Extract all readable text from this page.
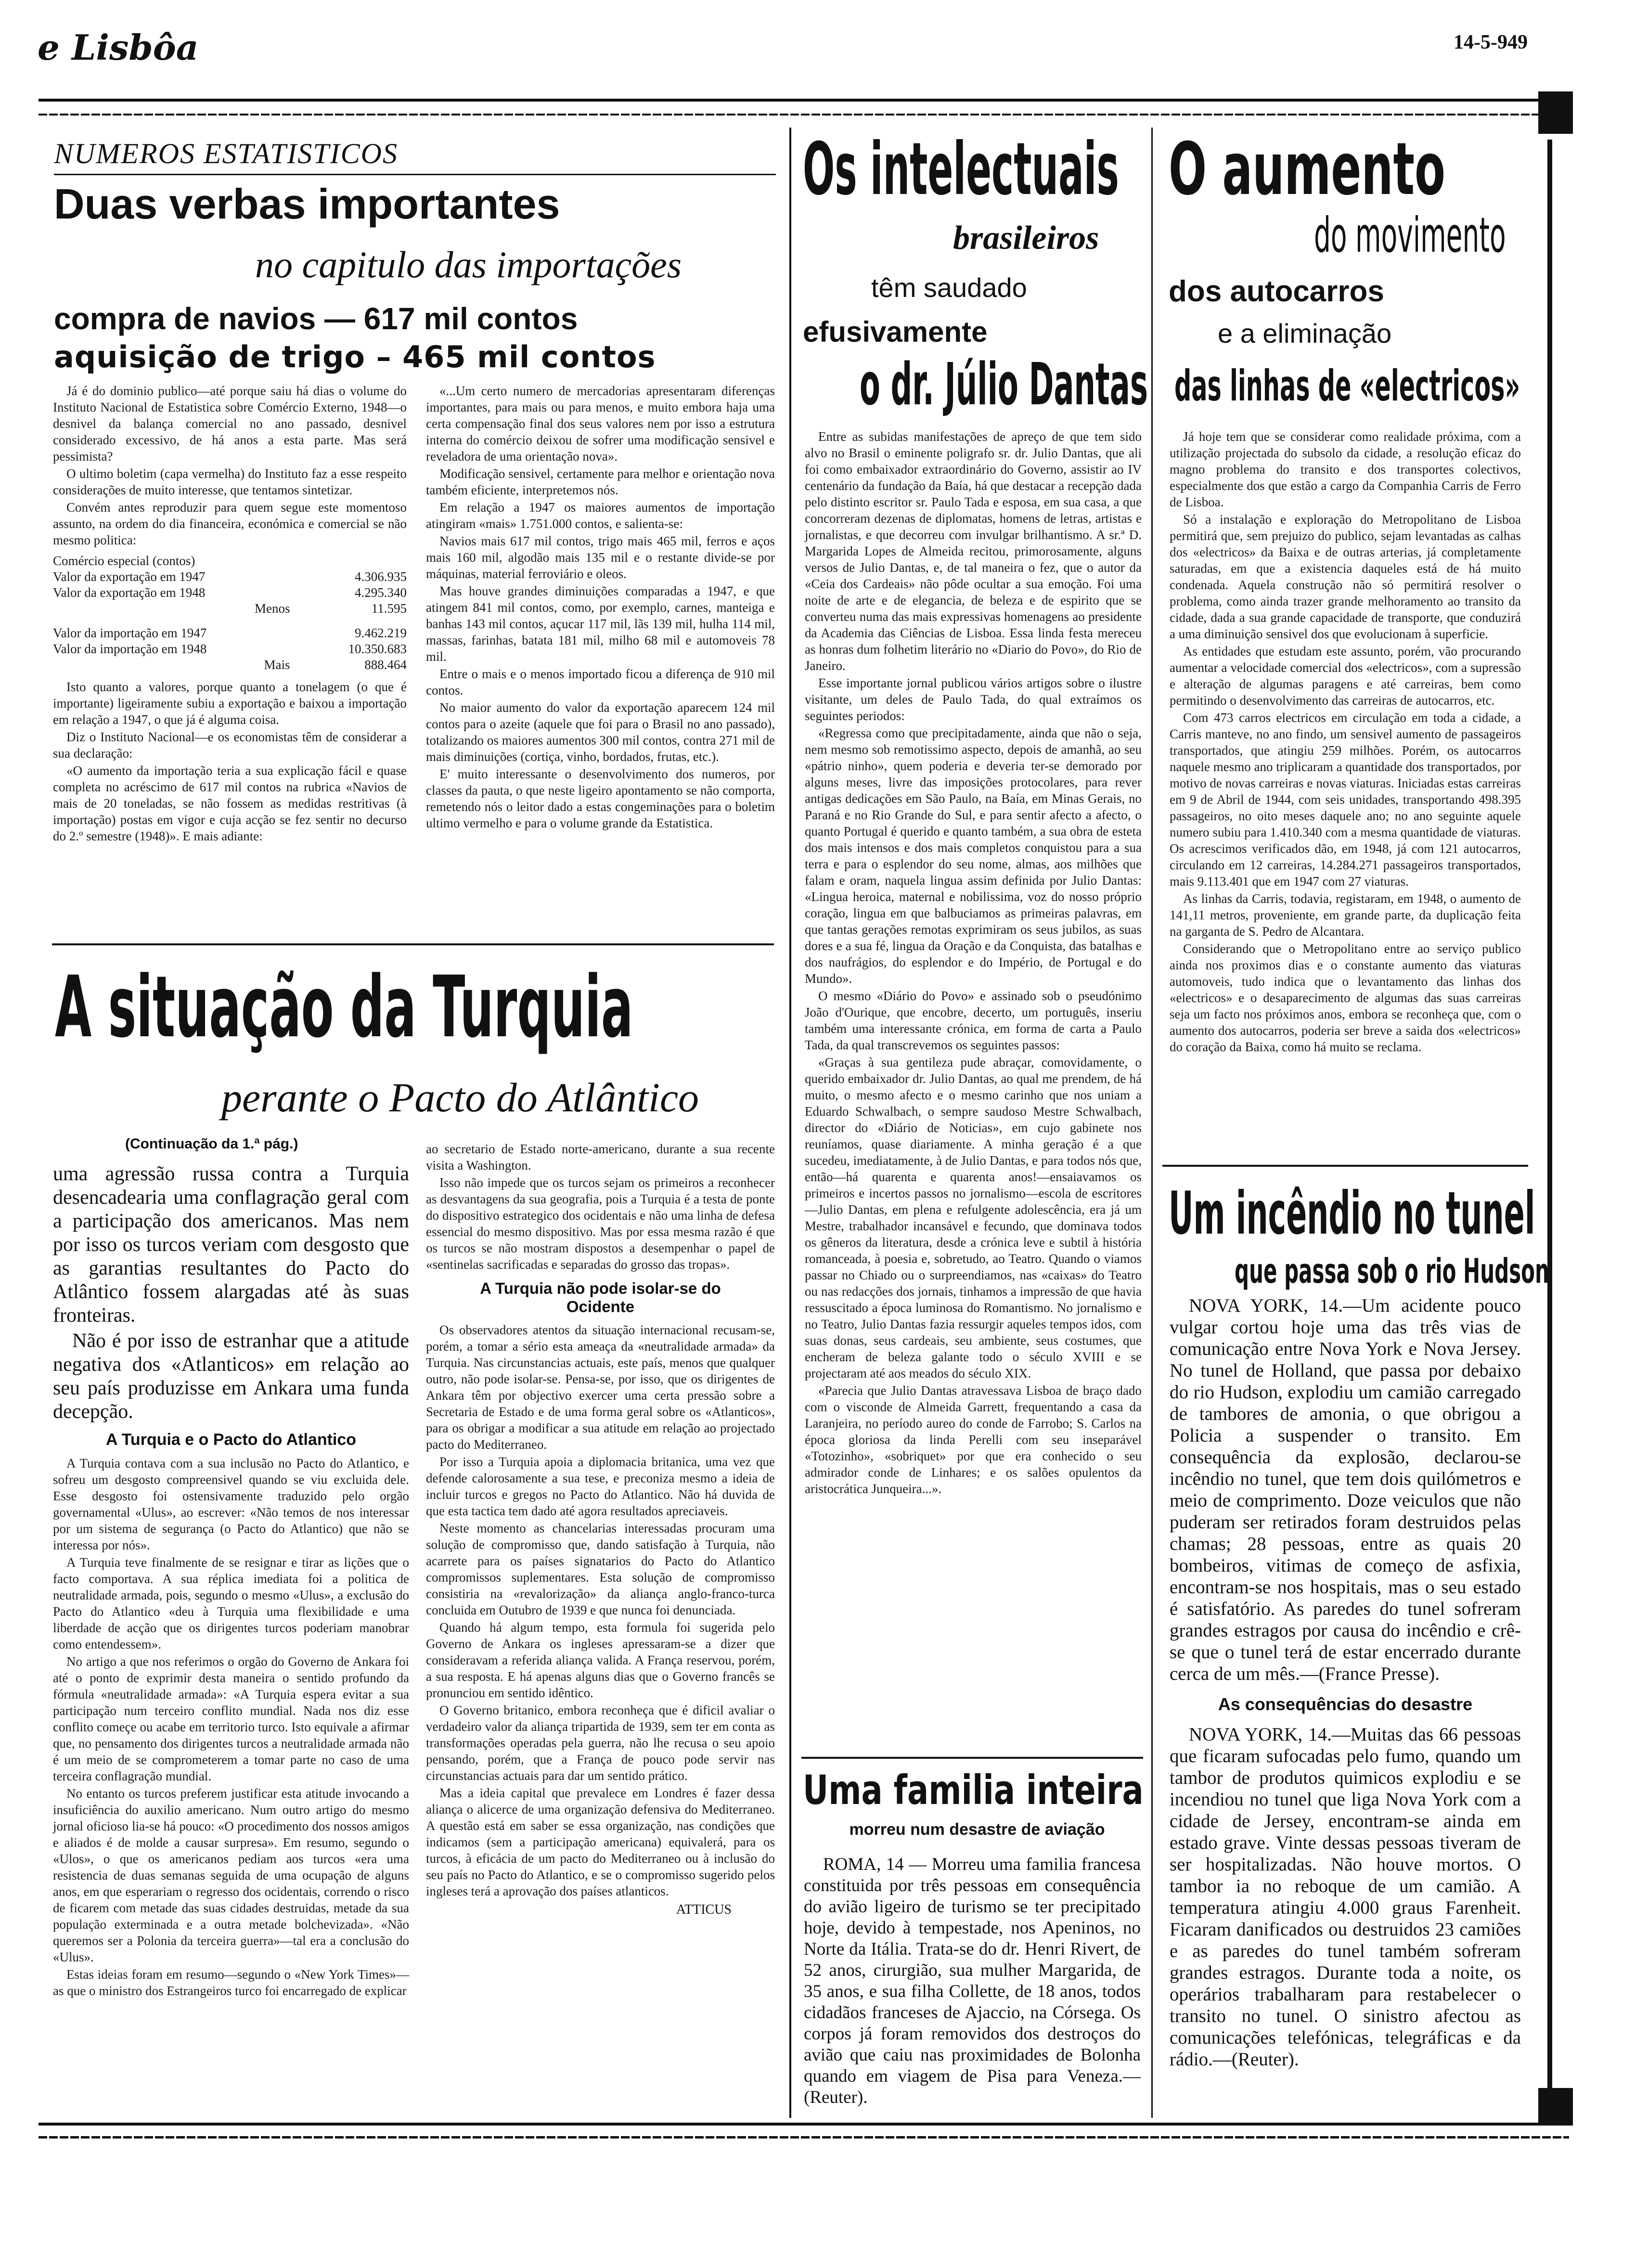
e Lisbôa	14-5-949
NUMEROS ESTATISTICOS
Duas verbas importantes
no capitulo das importações
compra de navios — 617 mil contos
aquisição de trigo – 465 mil contos

Já é do dominio publico—até porque saiu há dias o volume do Instituto Nacional de Estatistica sobre Comércio Externo, 1948—o desnivel da balança comercial no ano passado, desnivel considerado excessivo, de há anos a esta parte. Mas será pessimista?

O ultimo boletim (capa vermelha) do Instituto faz a esse respeito considerações de muito interesse, que tentamos sintetizar.

Convém antes reproduzir para quem segue este momentoso assunto, na ordem do dia financeira, económica e comercial se não mesmo politica:

Comércio especial (contos)	
Valor da exportação em 1947	4.306.935
Valor da exportação em 1948	4.295.340
Menos	11.595
Valor da importação em 1947	9.462.219
Valor da importação em 1948	10.350.683
Mais	888.464

Isto quanto a valores, porque quanto a tonelagem (o que é importante) ligeiramente subiu a exportação e baixou a importação em relação a 1947, o que já é alguma coisa.

Diz o Instituto Nacional—e os economistas têm de considerar a sua declaração:

«O aumento da importação teria a sua explicação fácil e quase completa no acréscimo de 617 mil contos na rubrica «Navios de mais de 20 toneladas, se não fossem as medidas restritivas (à importação) postas em vigor e cuja acção se fez sentir no decurso do 2.º semestre (1948)». E mais adiante:

«...Um certo numero de mercadorias apresentaram diferenças importantes, para mais ou para menos, e muito embora haja uma certa compensação final dos seus valores nem por isso a estrutura interna do comércio deixou de sofrer uma modificação sensivel e reveladora de uma orientação nova».

Modificação sensivel, certamente para melhor e orientação nova também eficiente, interpretemos nós.

Em relação a 1947 os maiores aumentos de importação atingiram «mais» 1.751.000 contos, e salienta-se:

Navios mais 617 mil contos, trigo mais 465 mil, ferros e aços mais 160 mil, algodão mais 135 mil e o restante divide-se por máquinas, material ferroviário e oleos.

Mas houve grandes diminuições comparadas a 1947, e que atingem 841 mil contos, como, por exemplo, carnes, manteiga e banhas 143 mil contos, açucar 117 mil, lãs 139 mil, hulha 114 mil, massas, farinhas, batata 181 mil, milho 68 mil e automoveis 78 mil.

Entre o mais e o menos importado ficou a diferença de 910 mil contos.

No maior aumento do valor da exportação aparecem 124 mil contos para o azeite (aquele que foi para o Brasil no ano passado), totalizando os maiores aumentos 300 mil contos, contra 271 mil de mais diminuições (cortiça, vinho, bordados, frutas, etc.).

E' muito interessante o desenvolvimento dos numeros, por classes da pauta, o que neste ligeiro apontamento se não comporta, remetendo nós o leitor dado a estas congeminações para o boletim ultimo vermelho e para o volume grande da Estatistica.

A situação da Turquia
perante o Pacto do Atlântico
(Continuação da 1.ª pág.)

uma agressão russa contra a Turquia desencadearia uma conflagração geral com a participação dos americanos. Mas nem por isso os turcos veriam com desgosto que as garantias resultantes do Pacto do Atlântico fossem alargadas até às suas fronteiras.

Não é por isso de estranhar que a atitude negativa dos «Atlanticos» em relação ao seu país produzisse em Ankara uma funda decepção.

A Turquia e o Pacto do Atlantico

A Turquia contava com a sua inclusão no Pacto do Atlantico, e sofreu um desgosto compreensivel quando se viu excluida dele. Esse desgosto foi ostensivamente traduzido pelo orgão governamental «Ulus», ao escrever: «Não temos de nos interessar por um sistema de segurança (o Pacto do Atlantico) que não se interessa por nós».

A Turquia teve finalmente de se resignar e tirar as lições que o facto comportava. A sua réplica imediata foi a politica de neutralidade armada, pois, segundo o mesmo «Ulus», a exclusão do Pacto do Atlantico «deu à Turquia uma flexibilidade e uma liberdade de acção que os dirigentes turcos poderiam manobrar como entendessem».

No artigo a que nos referimos o orgão do Governo de Ankara foi até o ponto de exprimir desta maneira o sentido profundo da fórmula «neutralidade armada»: «A Turquia espera evitar a sua participação num terceiro conflito mundial. Nada nos diz esse conflito começe ou acabe em territorio turco. Isto equivale a afirmar que, no pensamento dos dirigentes turcos a neutralidade armada não é um meio de se comprometerem a tomar parte no caso de uma terceira conflagração mundial.

No entanto os turcos preferem justificar esta atitude invocando a insuficiência do auxilio americano. Num outro artigo do mesmo jornal oficioso lia-se há pouco: «O procedimento dos nossos amigos e aliados é de molde a causar surpresa». Em resumo, segundo o «Ulos», o que os americanos pediam aos turcos «era uma resistencia de duas semanas seguida de uma ocupação de alguns anos, em que esperariam o regresso dos ocidentais, correndo o risco de ficarem com metade das suas cidades destruidas, metade da sua população exterminada e a outra metade bolchevizada». «Não queremos ser a Polonia da terceira guerra»—tal era a conclusão do «Ulus».

Estas ideias foram em resumo—segundo o «New York Times»—as que o ministro dos Estrangeiros turco foi encarregado de explicar

ao secretario de Estado norte-americano, durante a sua recente visita a Washington.

Isso não impede que os turcos sejam os primeiros a reconhecer as desvantagens da sua geografia, pois a Turquia é a testa de ponte do dispositivo estrategico dos ocidentais e não uma linha de defesa essencial do mesmo dispositivo. Mas por essa mesma razão é que os turcos se não mostram dispostos a desempenhar o papel de «sentinelas sacrificadas e separadas do grosso das tropas».

A Turquia não pode isolar-se do Ocidente

Os observadores atentos da situação internacional recusam-se, porém, a tomar a sério esta ameaça da «neutralidade armada» da Turquia. Nas circunstancias actuais, este país, menos que qualquer outro, não pode isolar-se. Pensa-se, por isso, que os dirigentes de Ankara têm por objectivo exercer uma certa pressão sobre a Secretaria de Estado e de uma forma geral sobre os «Atlanticos», para os obrigar a modificar a sua atitude em relação ao projectado pacto do Mediterraneo.

Por isso a Turquia apoia a diplomacia britanica, uma vez que defende calorosamente a sua tese, e preconiza mesmo a ideia de incluir turcos e gregos no Pacto do Atlantico. Não há duvida de que esta tactica tem dado até agora resultados apreciaveis.

Neste momento as chancelarias interessadas procuram uma solução de compromisso que, dando satisfação à Turquia, não acarrete para os países signatarios do Pacto do Atlantico compromissos suplementares. Esta solução de compromisso consistiria na «revalorização» da aliança anglo-franco-turca concluida em Outubro de 1939 e que nunca foi denunciada.

Quando há algum tempo, esta formula foi sugerida pelo Governo de Ankara os ingleses apressaram-se a dizer que consideravam a referida aliança valida. A França reservou, porém, a sua resposta. E há apenas alguns dias que o Governo francês se pronunciou em sentido idêntico.

O Governo britanico, embora reconheça que é dificil avaliar o verdadeiro valor da aliança tripartida de 1939, sem ter em conta as transformações operadas pela guerra, não lhe recusa o seu apoio pensando, porém, que a França de pouco pode servir nas circunstancias actuais para dar um sentido prático.

Mas a ideia capital que prevalece em Londres é fazer dessa aliança o alicerce de uma organização defensiva do Mediterraneo. A questão está em saber se essa organização, nas condições que indicamos (sem a participação americana) equivalerá, para os turcos, à eficácia de um pacto do Mediterraneo ou à inclusão do seu país no Pacto do Atlantico, e se o compromisso sugerido pelos ingleses terá a aprovação dos países atlanticos.

ATTICUS
Os intelectuais
brasileiros
têm saudado
efusivamente
o dr. Júlio Dantas

Entre as subidas manifestações de apreço de que tem sido alvo no Brasil o eminente poligrafo sr. dr. Julio Dantas, que ali foi como embaixador extraordinário do Governo, assistir ao IV centenário da fundação da Baía, há que destacar a recepção dada pelo distinto escritor sr. Paulo Tada e esposa, em sua casa, a que concorreram dezenas de diplomatas, homens de letras, artistas e jornalistas, e que decorreu com invulgar brilhantismo. A sr.ª D. Margarida Lopes de Almeida recitou, primorosamente, alguns versos de Julio Dantas, e, de tal maneira o fez, que o autor da «Ceia dos Cardeais» não pôde ocultar a sua emoção. Foi uma noite de arte e de elegancia, de beleza e de espirito que se converteu numa das mais expressivas homenagens ao presidente da Academia das Ciências de Lisboa. Essa linda festa mereceu as honras dum folhetim literário no «Diario do Povo», do Rio de Janeiro.

Esse importante jornal publicou vários artigos sobre o ilustre visitante, um deles de Paulo Tada, do qual extraímos os seguintes periodos:

«Regressa como que precipitadamente, ainda que não o seja, nem mesmo sob remotissimo aspecto, depois de amanhã, ao seu «pátrio ninho», quem poderia e deveria ter-se demorado por alguns meses, livre das imposições protocolares, para rever antigas dedicações em São Paulo, na Baía, em Minas Gerais, no Paraná e no Rio Grande do Sul, e para sentir afecto a afecto, o quanto Portugal é querido e quanto também, a sua obra de esteta dos mais intensos e dos mais completos conquistou para a sua terra e para o esplendor do seu nome, almas, aos milhões que falam e oram, naquela lingua assim definida por Julio Dantas: «Lingua heroica, maternal e nobilissima, voz do nosso próprio coração, lingua em que balbuciamos as primeiras palavras, em que tantas gerações remotas exprimiram os seus jubilos, as suas dores e a sua fé, lingua da Oração e da Conquista, das batalhas e dos naufrágios, do esplendor e do Império, de Portugal e do Mundo».

O mesmo «Diário do Povo» e assinado sob o pseudónimo João d'Ourique, que encobre, decerto, um português, inseriu também uma interessante crónica, em forma de carta a Paulo Tada, da qual transcrevemos os seguintes passos:

«Graças à sua gentileza pude abraçar, comovidamente, o querido embaixador dr. Julio Dantas, ao qual me prendem, de há muito, o mesmo afecto e o mesmo carinho que nos uniam a Eduardo Schwalbach, o sempre saudoso Mestre Schwalbach, director do «Diário de Noticias», em cujo gabinete nos reuníamos, quase diariamente. A minha geração é a que sucedeu, imediatamente, à de Julio Dantas, e para todos nós que, então—há quarenta e quarenta anos!—ensaiavamos os primeiros e incertos passos no jornalismo—escola de escritores—Julio Dantas, em plena e refulgente adolescência, era já um Mestre, trabalhador incansável e fecundo, que dominava todos os gêneros da literatura, desde a crónica leve e subtil à história romanceada, à poesia e, sobretudo, ao Teatro. Quando o viamos passar no Chiado ou o surpreendiamos, nas «caixas» do Teatro ou nas redacções dos jornais, tinhamos a impressão de que havia ressuscitado a época luminosa do Romantismo. No jornalismo e no Teatro, Julio Dantas fazia ressurgir aqueles tempos idos, com suas donas, seus cardeais, seu ambiente, seus costumes, que encheram de beleza galante todo o século XVIII e se projectaram até aos meados do século XIX.

«Parecia que Julio Dantas atravessava Lisboa de braço dado com o visconde de Almeida Garrett, frequentando a casa da Laranjeira, no período aureo do conde de Farrobo; S. Carlos na época gloriosa da linda Perelli com seu inseparável «Totozinho», «sobriquet» por que era conhecido o seu admirador conde de Linhares; e os salões opulentos da aristocrática Junqueira...».

Uma familia inteira
morreu num desastre de aviação

ROMA, 14 — Morreu uma familia francesa constituida por três pessoas em consequência do avião ligeiro de turismo se ter precipitado hoje, devido à tempestade, nos Apeninos, no Norte da Itália. Trata-se do dr. Henri Rivert, de 52 anos, cirurgião, sua mulher Margarida, de 35 anos, e sua filha Collette, de 18 anos, todos cidadãos franceses de Ajaccio, na Córsega. Os corpos já foram removidos dos destroços do avião que caiu nas proximidades de Bolonha quando em viagem de Pisa para Veneza.—(Reuter).

O aumento
do movimento
dos autocarros
e a eliminação
das linhas de «electricos»

Já hoje tem que se considerar como realidade próxima, com a utilização projectada do subsolo da cidade, a resolução eficaz do magno problema do transito e dos transportes colectivos, especialmente dos que estão a cargo da Companhia Carris de Ferro de Lisboa.

Só a instalação e exploração do Metropolitano de Lisboa permitirá que, sem prejuizo do publico, sejam levantadas as calhas dos «electricos» da Baixa e de outras arterias, já completamente saturadas, em que a existencia daqueles está de há muito condenada. Aquela construção não só permitirá resolver o problema, como ainda trazer grande melhoramento ao transito da cidade, dada a sua grande capacidade de transporte, que conduzirá a uma diminuição sensivel dos que evolucionam à superficie.

As entidades que estudam este assunto, porém, vão procurando aumentar a velocidade comercial dos «electricos», com a supressão e alteração de algumas paragens e até carreiras, bem como permitindo o desenvolvimento das carreiras de autocarros, etc.

Com 473 carros electricos em circulação em toda a cidade, a Carris manteve, no ano findo, um sensivel aumento de passageiros transportados, que atingiu 259 milhões. Porém, os autocarros naquele mesmo ano triplicaram a quantidade dos transportados, por motivo de novas carreiras e novas viaturas. Iniciadas estas carreiras em 9 de Abril de 1944, com seis unidades, transportando 498.395 passageiros, no oito meses daquele ano; no ano seguinte aquele numero subiu para 1.410.340 com a mesma quantidade de viaturas. Os acrescimos verificados dão, em 1948, já com 121 autocarros, circulando em 12 carreiras, 14.284.271 passageiros transportados, mais 9.113.401 que em 1947 com 27 viaturas.

As linhas da Carris, todavia, registaram, em 1948, o aumento de 141,11 metros, proveniente, em grande parte, da duplicação feita na garganta de S. Pedro de Alcantara.

Considerando que o Metropolitano entre ao serviço publico ainda nos proximos dias e o constante aumento das viaturas automoveis, tudo indica que o levantamento das linhas dos «electricos» e o desaparecimento de algumas das suas carreiras seja um facto nos próximos anos, embora se reconheça que, com o aumento dos autocarros, poderia ser breve a saida dos «electricos» do coração da Baixa, como há muito se reclama.

Um incêndio no tunel
que passa sob o rio Hudson

NOVA YORK, 14.—Um acidente pouco vulgar cortou hoje uma das três vias de comunicação entre Nova York e Nova Jersey. No tunel de Holland, que passa por debaixo do rio Hudson, explodiu um camião carregado de tambores de amonia, o que obrigou a Policia a suspender o transito. Em consequência da explosão, declarou-se incêndio no tunel, que tem dois quilómetros e meio de comprimento. Doze veiculos que não puderam ser retirados foram destruidos pelas chamas; 28 pessoas, entre as quais 20 bombeiros, vitimas de começo de asfixia, encontram-se nos hospitais, mas o seu estado é satisfatório. As paredes do tunel sofreram grandes estragos por causa do incêndio e crê-se que o tunel terá de estar encerrado durante cerca de um mês.—(France Presse).

As consequências do desastre

NOVA YORK, 14.—Muitas das 66 pessoas que ficaram sufocadas pelo fumo, quando um tambor de produtos quimicos explodiu e se incendiou no tunel que liga Nova York com a cidade de Jersey, encontram-se ainda em estado grave. Vinte dessas pessoas tiveram de ser hospitalizadas. Não houve mortos. O tambor ia no reboque de um camião. A temperatura atingiu 4.000 graus Farenheit. Ficaram danificados ou destruidos 23 camiões e as paredes do tunel também sofreram grandes estragos. Durante toda a noite, os operários trabalharam para restabelecer o transito no tunel. O sinistro afectou as comunicações telefónicas, telegráficas e da rádio.—(Reuter).
